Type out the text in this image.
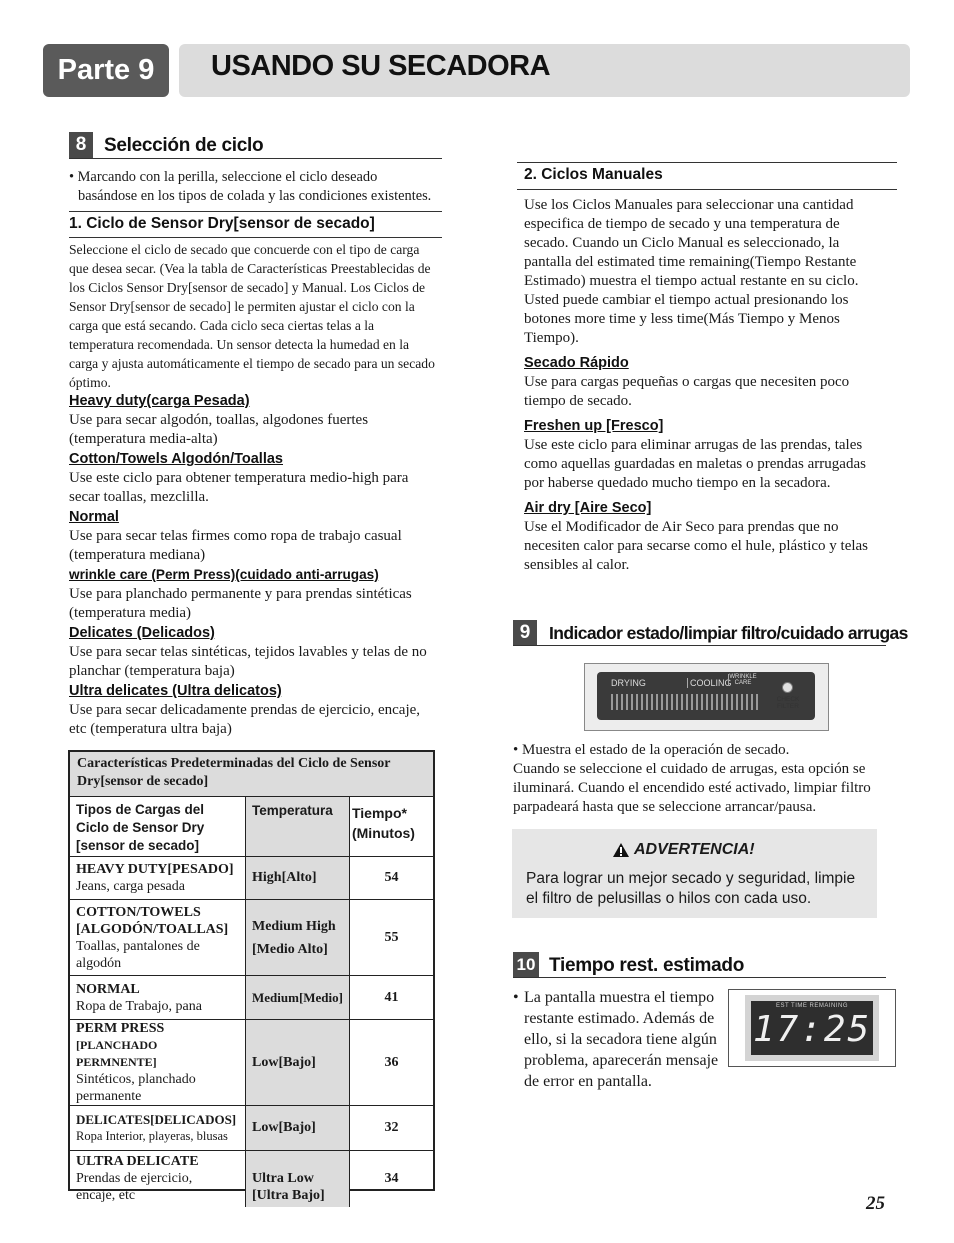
Parte 9	USANDO SU SECADORA
8 Selección de ciclo

• Marcando con la perilla, seleccione el ciclo deseado

basándose en los tipos de colada y las condiciones existentes.

1. Ciclo de Sensor Dry[sensor de secado]
Seleccione el ciclo de secado que concuerde con el tipo de carga que desea secar. (Vea la tabla de Características Preestablecidas de los Ciclos Sensor Dry[sensor de secado] y Manual. Los Ciclos de Sensor Dry[sensor de secado] le permiten ajustar el ciclo con la carga que está secando. Cada ciclo seca ciertas telas a la temperatura recomendada. Un sensor detecta la humedad en la carga y ajusta automáticamente el tiempo de secado para un secado óptimo.
Heavy duty(carga Pesada)
Use para secar algodón, toallas, algodones fuertes (temperatura media-alta)
Cotton/Towels Algodón/Toallas
Use este ciclo para obtener temperatura medio-high para secar toallas, mezclilla.
Normal
Use para secar telas firmes como ropa de trabajo casual (temperatura mediana)
wrinkle care (Perm Press)(cuidado anti-arrugas)
Use para planchado permanente y para prendas sintéticas (temperatura media)
Delicates (Delicados)
Use para secar telas sintéticas, tejidos lavables y telas de no planchar (temperatura baja)
Ultra delicates (Ultra delicatos)
Use para secar delicadamente prendas de ejercicio, encaje, etc (temperatura ultra baja)
Características Predeterminadas del Ciclo de Sensor Dry[sensor de secado]		
Tipos de Cargas del Ciclo de Sensor Dry [sensor de secado]	Temperatura	Tiempo* (Minutos)

HEAVY DUTY[PESADO]
Jeans, carga pesada	High[Alto]	54

COTTON/TOWELS [ALGODÓN/TOALLAS]
Toallas, pantalones de algodón	Medium High [Medio Alto]	55

NORMAL
Ropa de Trabajo, pana	Medium[Medio]	41

PERM PRESS
[PLANCHADO PERMNENTE]
Sintéticos, planchado permanente	Low[Bajo]	36

DELICATES[DELICADOS]
Ropa Interior, playeras, blusas	Low[Bajo]	32

ULTRA DELICATE
Prendas de ejercicio, encaje, etc	Ultra Low [Ultra Bajo]	34
2. Ciclos Manuales
Use los Ciclos Manuales para seleccionar una cantidad especifica de tiempo de secado y una temperatura de secado. Cuando un Ciclo Manual es seleccionado, la pantalla del estimated time remaining(Tiempo Restante Estimado) muestra el tiempo actual restante en su ciclo. Usted puede cambiar el tiempo actual presionando los botones more time y less time(Más Tiempo y Menos Tiempo).
Secado Rápido
Use para cargas pequeñas o cargas que necesiten poco tiempo de secado.
Freshen up [Fresco]
Use este ciclo para eliminar arrugas de las prendas, tales como aquellas guardadas en maletas o prendas arrugadas por haberse quedado mucho tiempo en la secadora.
Air dry [Aire Seco]
Use el Modificador de Air Seco para prendas que no necesiten calor para secarse como el hule, plástico y telas sensibles al calor.
9	Indicador estado/limpiar filtro/cuidado arrugas
DRYING	COOLING
WRINKLE CARE
CHECK FILTER

• Muestra el estado de la operación de secado.

Cuando se seleccione el cuidado de arrugas, esta opción se iluminará. Cuando el encendido esté activado, limpiar filtro parpadeará hasta que se seleccione arrancar/pausa.

ADVERTENCIA!
Para lograr un mejor secado y seguridad, limpie el filtro de pelusillas o hilos con cada uso.
10 Tiempo rest. estimado
• La pantalla muestra el tiempo restante estimado. Además de ello, si la secadora tiene algún problema, aparecerán mensaje de error en pantalla.
EST TIME REMAINING
17:25
25
